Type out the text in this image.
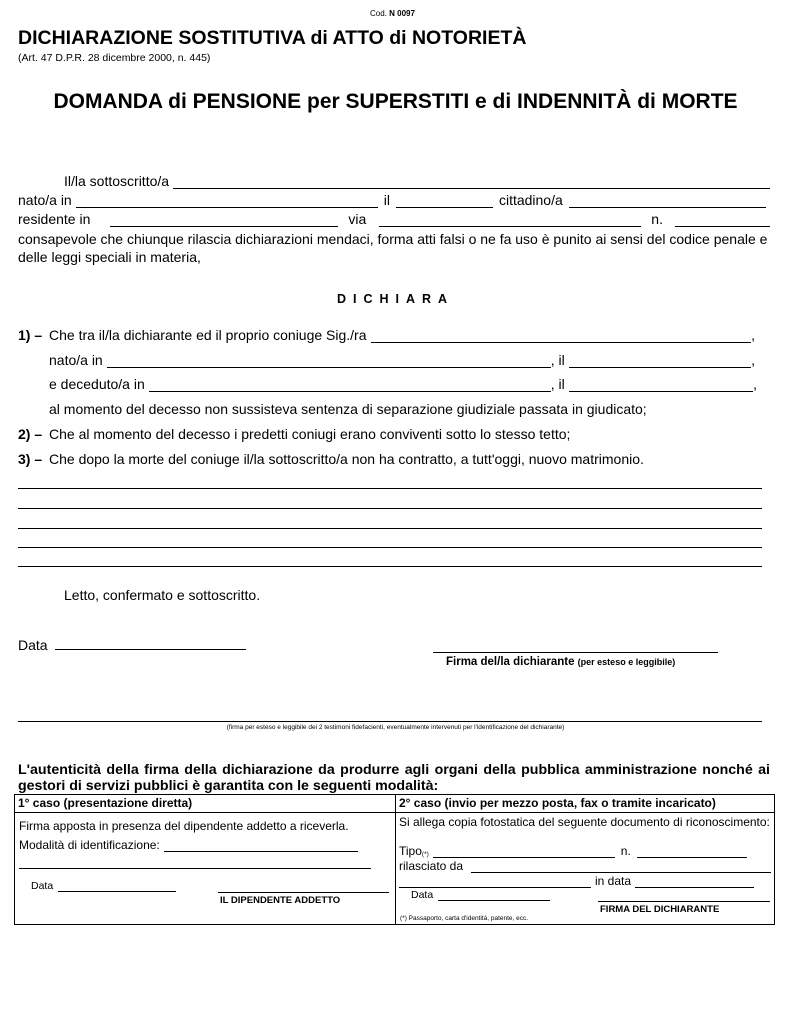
Cod. N 0097
DICHIARAZIONE SOSTITUTIVA di ATTO di NOTORIETÀ
(Art. 47 D.P.R. 28 dicembre 2000, n. 445)
DOMANDA di PENSIONE per SUPERSTITI e di INDENNITÀ di MORTE
Il/la sottoscritto/a
nato/a in	il	cittadino/a
residente in	via	n.
consapevole che chiunque rilascia dichiarazioni mendaci, forma atti falsi o ne fa uso è punito ai sensi del codice penale e delle leggi speciali in materia,
DICHIARA
1) – Che tra il/la dichiarante ed il proprio coniuge Sig./ra	,
nato/a in	, il	,
e deceduto/a in	, il	,
al momento del decesso non sussisteva sentenza di separazione giudiziale passata in giudicato;
2) – Che al momento del decesso i predetti coniugi erano conviventi sotto lo stesso tetto;
3) – Che dopo la morte del coniuge il/la sottoscritto/a non ha contratto, a tutt'oggi, nuovo matrimonio.
Letto, confermato e sottoscritto.
Data
Firma del/la dichiarante (per esteso e leggibile)
(firma per esteso e leggibile dei 2 testimoni fidefacienti, eventualmente intervenuti per l'identificazione del dichiarante)
L'autenticità della firma della dichiarazione da produrre agli organi della pubblica amministrazione nonché ai gestori di servizi pubblici è garantita con le seguenti modalità:
1° caso (presentazione diretta)	2° caso (invio per mezzo posta, fax o tramite incaricato)
Firma apposta in presenza del dipendente addetto a riceverla.
Modalità di identificazione:
Data
IL DIPENDENTE ADDETTO
Si allega copia fotostatica del seguente documento di riconoscimento:
Tipo$_{(*)}$	n.
rilasciato da
in data
Data
FIRMA DEL DICHIARANTE
(*) Passaporto, carta d'identità, patente, ecc.
